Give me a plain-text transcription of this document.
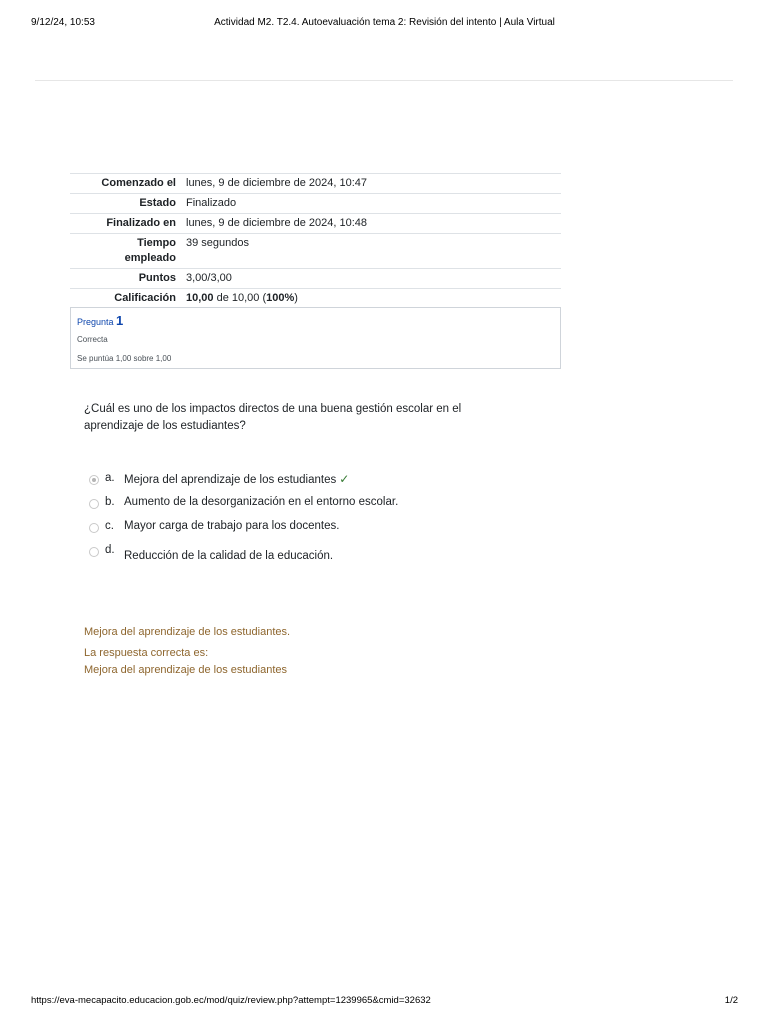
9/12/24, 10:53	Actividad M2. T2.4. Autoevaluación tema 2: Revisión del intento | Aula Virtual
Comenzado el	lunes, 9 de diciembre de 2024, 10:47
Estado	Finalizado
Finalizado en	lunes, 9 de diciembre de 2024, 10:48
Tiempo
empleado	39 segundos
Puntos	3,00/3,00
Calificación	10,00 de 10,00 (100%)
Pregunta 1
Correcta
Se puntúa 1,00 sobre 1,00
¿Cuál es uno de los impactos directos de una buena gestión escolar en el aprendizaje de los estudiantes?
a. Mejora del aprendizaje de los estudiantes ✓
b. Aumento de la desorganización en el entorno escolar.
c. Mayor carga de trabajo para los docentes.
d. Reducción de la calidad de la educación.
Mejora del aprendizaje de los estudiantes.
La respuesta correcta es:
Mejora del aprendizaje de los estudiantes
https://eva-mecapacito.educacion.gob.ec/mod/quiz/review.php?attempt=1239965&cmid=32632	1/2
